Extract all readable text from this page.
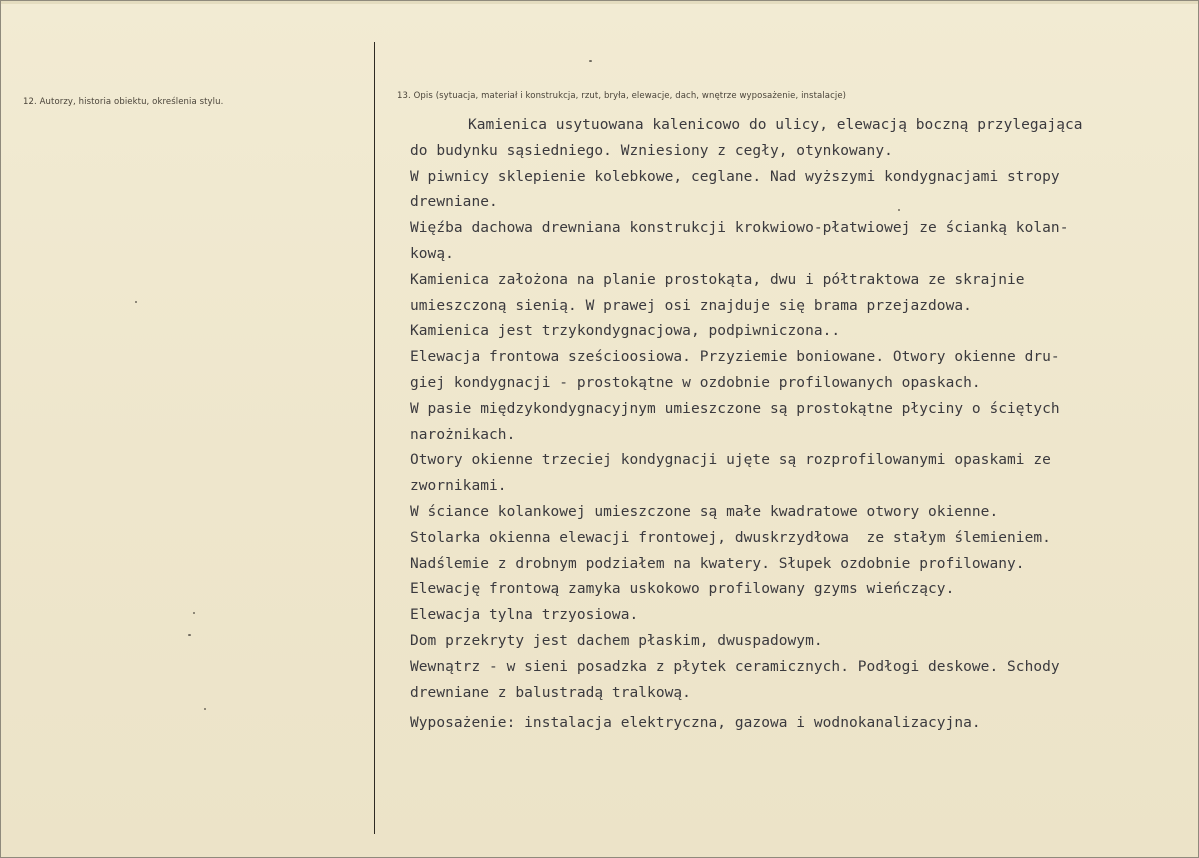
12. Autorzy, historia obiektu, określenia stylu.
13. Opis (sytuacja, materiał i konstrukcja, rzut, bryła, elewacje, dach, wnętrze wyposażenie, instalacje)
Kamienica usytuowana kalenicowo do ulicy, elewacją boczną przylegająca
do budynku sąsiedniego. Wzniesiony z cegły, otynkowany.
W piwnicy sklepienie kolebkowe, ceglane. Nad wyższymi kondygnacjami stropy
drewniane.
Więźba dachowa drewniana konstrukcji krokwiowo-płatwiowej ze ścianką kolan-
kową.
Kamienica założona na planie prostokąta, dwu i półtraktowa ze skrajnie
umieszczoną sienią. W prawej osi znajduje się brama przejazdowa.
Kamienica jest trzykondygnacjowa, podpiwniczona..
Elewacja frontowa sześcioosiowa. Przyziemie boniowane. Otwory okienne dru-
giej kondygnacji - prostokątne w ozdobnie profilowanych opaskach.
W pasie międzykondygnacyjnym umieszczone są prostokątne płyciny o ściętych
narożnikach.
Otwory okienne trzeciej kondygnacji ujęte są rozprofilowanymi opaskami ze
zwornikami.
W ściance kolankowej umieszczone są małe kwadratowe otwory okienne.
Stolarka okienna elewacji frontowej, dwuskrzydłowa  ze stałym ślemieniem.
Nadślemie z drobnym podziałem na kwatery. Słupek ozdobnie profilowany.
Elewację frontową zamyka uskokowo profilowany gzyms wieńczący.
Elewacja tylna trzyosiowa.
Dom przekryty jest dachem płaskim, dwuspadowym.
Wewnątrz - w sieni posadzka z płytek ceramicznych. Podłogi deskowe. Schody
drewniane z balustradą tralkową.
Wyposażenie: instalacja elektryczna, gazowa i wodnokanalizacyjna.
